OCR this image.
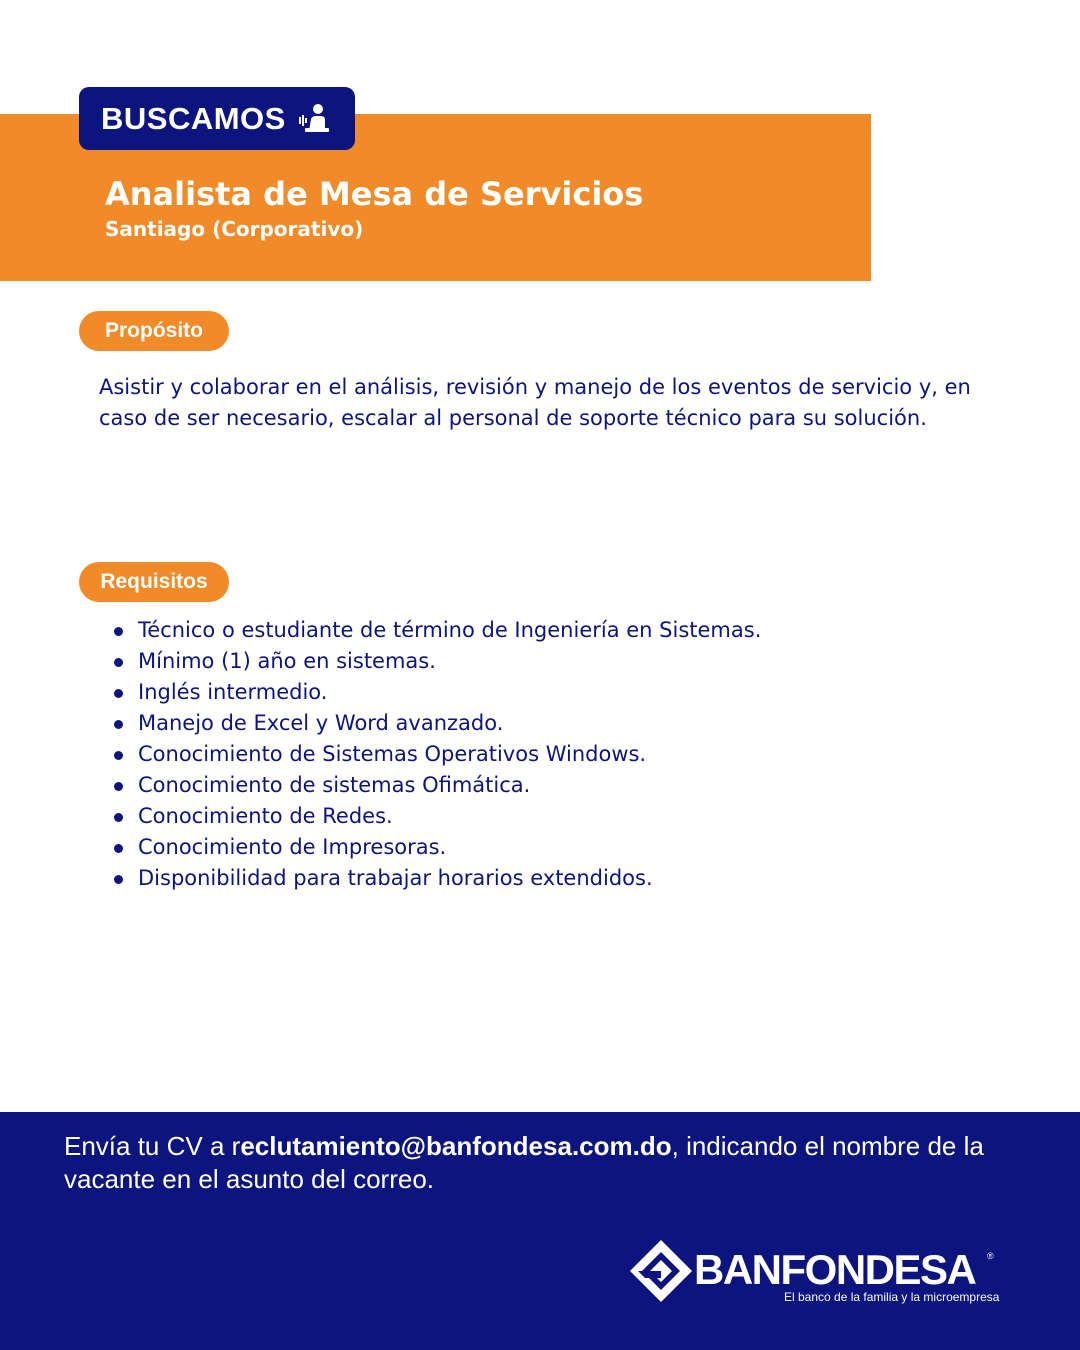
BUSCAMOS
Analista de Mesa de Servicios
Santiago (Corporativo)
Propósito
Asistir y colaborar en el análisis, revisión y manejo de los eventos de servicio y, en caso de ser necesario, escalar al personal de soporte técnico para su solución.
Requisitos
Técnico o estudiante de término de Ingeniería en Sistemas.
Mínimo (1) año en sistemas.
Inglés intermedio.
Manejo de Excel y Word avanzado.
Conocimiento de Sistemas Operativos Windows.
Conocimiento de sistemas Ofimática.
Conocimiento de Redes.
Conocimiento de Impresoras.
Disponibilidad para trabajar horarios extendidos.
Envía tu CV a reclutamiento@banfondesa.com.do, indicando el nombre de la vacante en el asunto del correo.
BANFONDESA ®
El banco de la familia y la microempresa
